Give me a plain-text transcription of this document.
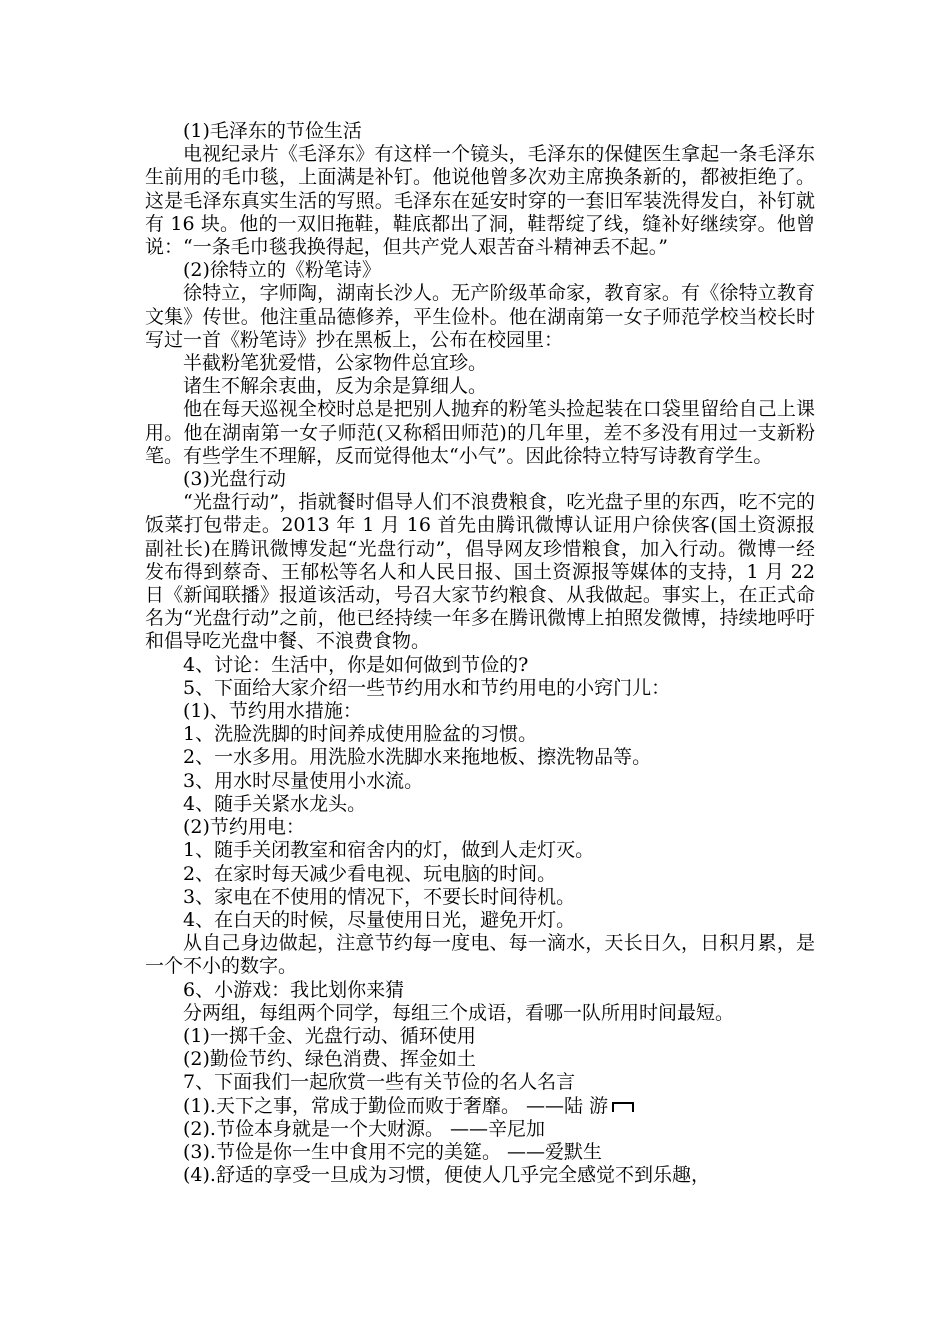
(1)毛泽东的节俭生活

电视纪录片《毛泽东》有这样一个镜头，毛泽东的保健医生拿起一条毛泽东生前用的毛巾毯，上面满是补钉。他说他曾多次劝主席换条新的，都被拒绝了。这是毛泽东真实生活的写照。毛泽东在延安时穿的一套旧军装洗得发白，补钉就有 16 块。他的一双旧拖鞋，鞋底都出了洞，鞋帮绽了线，缝补好继续穿。他曾说：“一条毛巾毯我换得起，但共产党人艰苦奋斗精神丢不起。”

(2)徐特立的《粉笔诗》

徐特立，字师陶，湖南长沙人。无产阶级革命家，教育家。有《徐特立教育文集》传世。他注重品德修养，平生俭朴。他在湖南第一女子师范学校当校长时写过一首《粉笔诗》抄在黑板上，公布在校园里：

半截粉笔犹爱惜，公家物件总宜珍。

诸生不解余衷曲，反为余是算细人。

他在每天巡视全校时总是把别人抛弃的粉笔头捡起装在口袋里留给自己上课用。他在湖南第一女子师范(又称稻田师范)的几年里，差不多没有用过一支新粉笔。有些学生不理解，反而觉得他太“小气”。因此徐特立特写诗教育学生。

(3)光盘行动

“光盘行动”，指就餐时倡导人们不浪费粮食，吃光盘子里的东西，吃不完的饭菜打包带走。2013 年 1 月 16 首先由腾讯微博认证用户徐侠客(国土资源报副社长)在腾讯微博发起“光盘行动”，倡导网友珍惜粮食，加入行动。微博一经发布得到蔡奇、王郁松等名人和人民日报、国土资源报等媒体的支持，1 月 22 日《新闻联播》报道该活动，号召大家节约粮食、从我做起。事实上，在正式命名为“光盘行动”之前，他已经持续一年多在腾讯微博上拍照发微博，持续地呼吁和倡导吃光盘中餐、不浪费食物。

4、讨论：生活中，你是如何做到节俭的?

5、下面给大家介绍一些节约用水和节约用电的小窍门儿：

(1)、节约用水措施：

1、洗脸洗脚的时间养成使用脸盆的习惯。

2、一水多用。用洗脸水洗脚水来拖地板、擦洗物品等。

3、用水时尽量使用小水流。

4、随手关紧水龙头。

(2)节约用电：

1、随手关闭教室和宿舍内的灯，做到人走灯灭。

2、在家时每天减少看电视、玩电脑的时间。

3、家电在不使用的情况下，不要长时间待机。

4、在白天的时候，尽量使用日光，避免开灯。

从自己身边做起，注意节约每一度电、每一滴水，天长日久，日积月累，是一个不小的数字。

6、小游戏：我比划你来猜

分两组，每组两个同学，每组三个成语，看哪一队所用时间最短。

(1)一掷千金、光盘行动、循环使用

(2)勤俭节约、绿色消费、挥金如土

7、下面我们一起欣赏一些有关节俭的名人名言

(1).天下之事，常成于勤俭而败于奢靡。 ——陆 游

(2).节俭本身就是一个大财源。 ——辛尼加

(3).节俭是你一生中食用不完的美筵。 ——爱默生

(4).舒适的享受一旦成为习惯，便使人几乎完全感觉不到乐趣，
